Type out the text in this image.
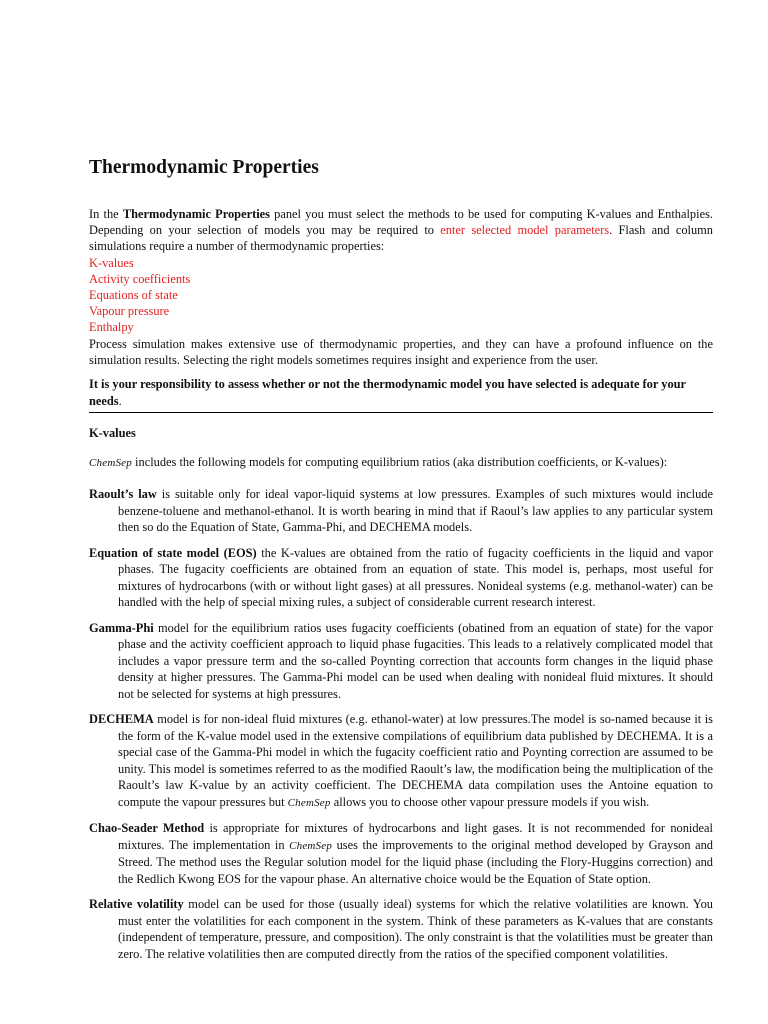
Thermodynamic Properties

In the Thermodynamic Properties panel you must select the methods to be used for computing K-values and Enthalpies. Depending on your selection of models you may be required to enter selected model parameters. Flash and column simulations require a number of thermodynamic properties:

K-values
Activity coefficients
Equations of state
Vapour pressure
Enthalpy

Process simulation makes extensive use of thermodynamic properties, and they can have a profound influence on the simulation results. Selecting the right models sometimes requires insight and experience from the user.

It is your responsibility to assess whether or not the thermodynamic model you have selected is adequate for your needs.
K-values

ChemSep includes the following models for computing equilibrium ratios (aka distribution coefficients, or K-values):

Raoult’s law is suitable only for ideal vapor-liquid systems at low pressures. Examples of such mixtures would include benzene-toluene and methanol-ethanol. It is worth bearing in mind that if Raoul’s law applies to any particular system then so do the Equation of State, Gamma-Phi, and DECHEMA models.
Equation of state model (EOS) the K-values are obtained from the ratio of fugacity coefficients in the liquid and vapor phases. The fugacity coefficients are obtained from an equation of state. This model is, perhaps, most useful for mixtures of hydrocarbons (with or without light gases) at all pressures. Nonideal systems (e.g. methanol-water) can be handled with the help of special mixing rules, a subject of considerable current research interest.
Gamma-Phi model for the equilibrium ratios uses fugacity coefficients (obatined from an equation of state) for the vapor phase and the activity coefficient approach to liquid phase fugacities. This leads to a relatively complicated model that includes a vapor pressure term and the so-called Poynting correction that accounts form changes in the liquid phase density at higher pressures. The Gamma-Phi model can be used when dealing with nonideal fluid mixtures. It should not be selected for systems at high pressures.
DECHEMA model is for non-ideal fluid mixtures (e.g. ethanol-water) at low pressures.The model is so-named because it is the form of the K-value model used in the extensive compilations of equilibrium data published by DECHEMA. It is a special case of the Gamma-Phi model in which the fugacity coefficient ratio and Poynting correction are assumed to be unity. This model is sometimes referred to as the modified Raoult’s law, the modification being the multiplication of the Raoult’s law K-value by an activity coefficient. The DECHEMA data compilation uses the Antoine equation to compute the vapour pressures but ChemSep allows you to choose other vapour pressure models if you wish.
Chao-Seader Method is appropriate for mixtures of hydrocarbons and light gases. It is not recommended for nonideal mixtures. The implementation in ChemSep uses the improvements to the original method developed by Grayson and Streed. The method uses the Regular solution model for the liquid phase (including the Flory-Huggins correction) and the Redlich Kwong EOS for the vapour phase. An alternative choice would be the Equation of State option.
Relative volatility model can be used for those (usually ideal) systems for which the relative volatilities are known. You must enter the volatilities for each component in the system. Think of these parameters as K-values that are constants (independent of temperature, pressure, and composition). The only constraint is that the volatilities must be greater than zero. The relative volatilities then are computed directly from the ratios of the specified component volatilities.
